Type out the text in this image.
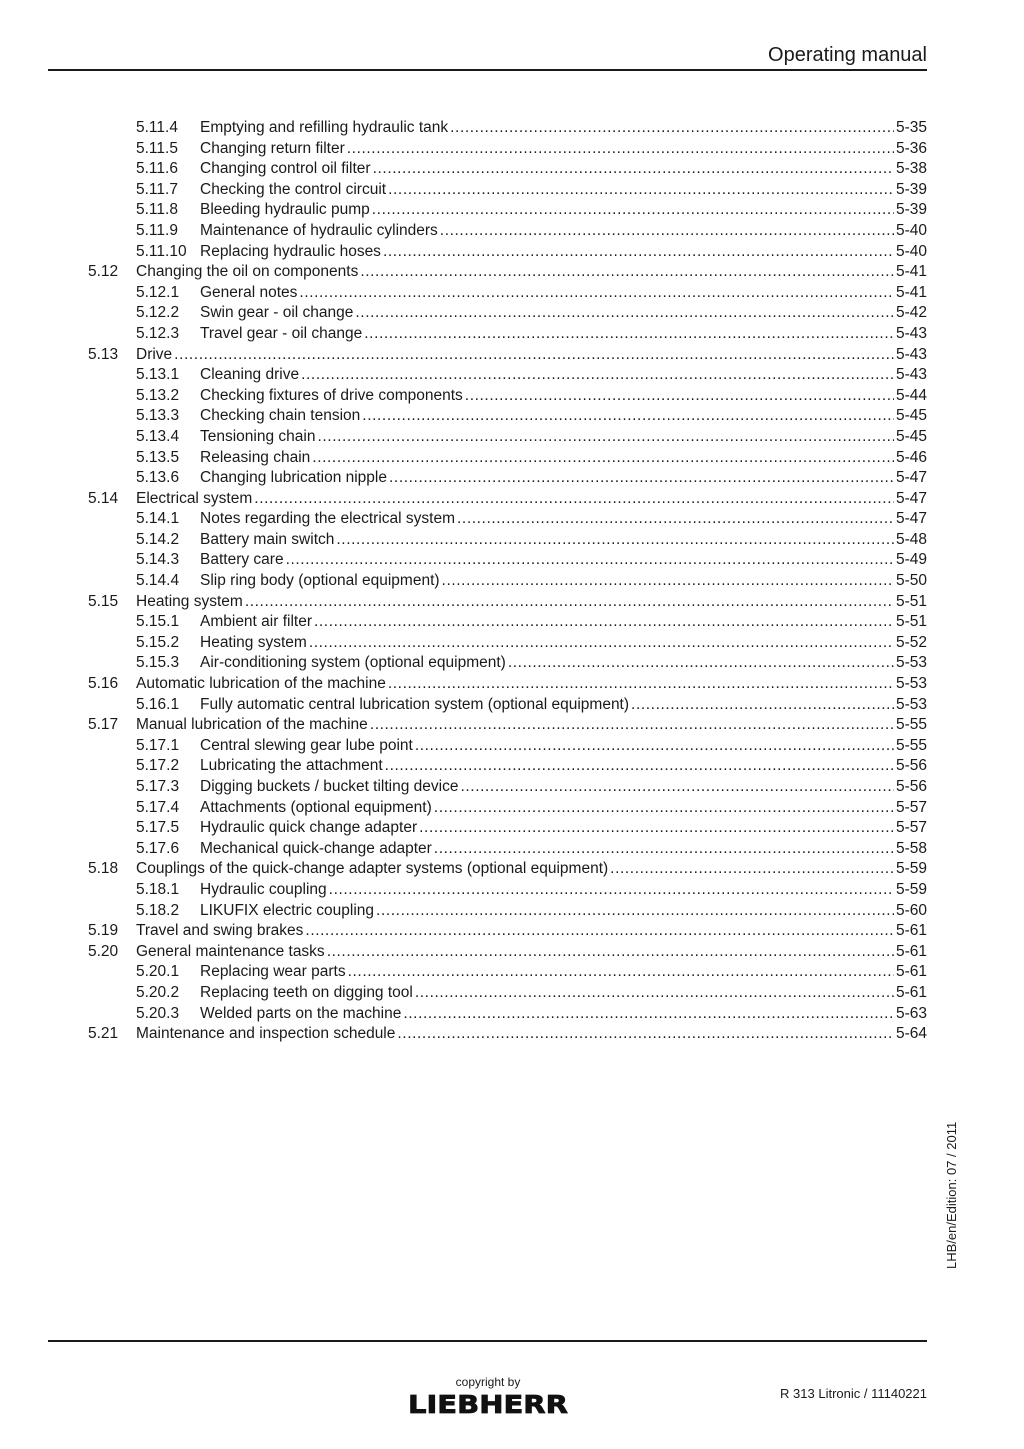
Operating manual
5.11.4 Emptying and refilling hydraulic tank .....	5-35
5.11.5 Changing return filter .....	5-36
5.11.6 Changing control oil filter .....	5-38
5.11.7 Checking the control circuit .....	5-39
5.11.8 Bleeding hydraulic pump .....	5-39
5.11.9 Maintenance of hydraulic cylinders .....	5-40
5.11.10 Replacing hydraulic hoses .....	5-40
5.12 Changing the oil on components .....	5-41
5.12.1 General notes .....	5-41
5.12.2 Swin gear - oil change .....	5-42
5.12.3 Travel gear - oil change .....	5-43
5.13 Drive .....	5-43
5.13.1 Cleaning drive .....	5-43
5.13.2 Checking fixtures of drive components .....	5-44
5.13.3 Checking chain tension .....	5-45
5.13.4 Tensioning chain .....	5-45
5.13.5 Releasing chain .....	5-46
5.13.6 Changing lubrication nipple .....	5-47
5.14 Electrical system .....	5-47
5.14.1 Notes regarding the electrical system .....	5-47
5.14.2 Battery main switch .....	5-48
5.14.3 Battery care .....	5-49
5.14.4 Slip ring body (optional equipment) .....	5-50
5.15 Heating system .....	5-51
5.15.1 Ambient air filter .....	5-51
5.15.2 Heating system .....	5-52
5.15.3 Air-conditioning system (optional equipment) .....	5-53
5.16 Automatic lubrication of the machine .....	5-53
5.16.1 Fully automatic central lubrication system (optional equipment) .....	5-53
5.17 Manual lubrication of the machine .....	5-55
5.17.1 Central slewing gear lube point .....	5-55
5.17.2 Lubricating the attachment .....	5-56
5.17.3 Digging buckets / bucket tilting device .....	5-56
5.17.4 Attachments (optional equipment) .....	5-57
5.17.5 Hydraulic quick change adapter .....	5-57
5.17.6 Mechanical quick-change adapter .....	5-58
5.18 Couplings of the quick-change adapter systems (optional equipment) .....	5-59
5.18.1 Hydraulic coupling .....	5-59
5.18.2 LIKUFIX electric coupling .....	5-60
5.19 Travel and swing brakes .....	5-61
5.20 General maintenance tasks .....	5-61
5.20.1 Replacing wear parts .....	5-61
5.20.2 Replacing teeth on digging tool .....	5-61
5.20.3 Welded parts on the machine .....	5-63
5.21 Maintenance and inspection schedule .....	5-64
LHB/en/Edition: 07 / 2011
copyright by
LIEBHERR	R 313 Litronic / 11140221
